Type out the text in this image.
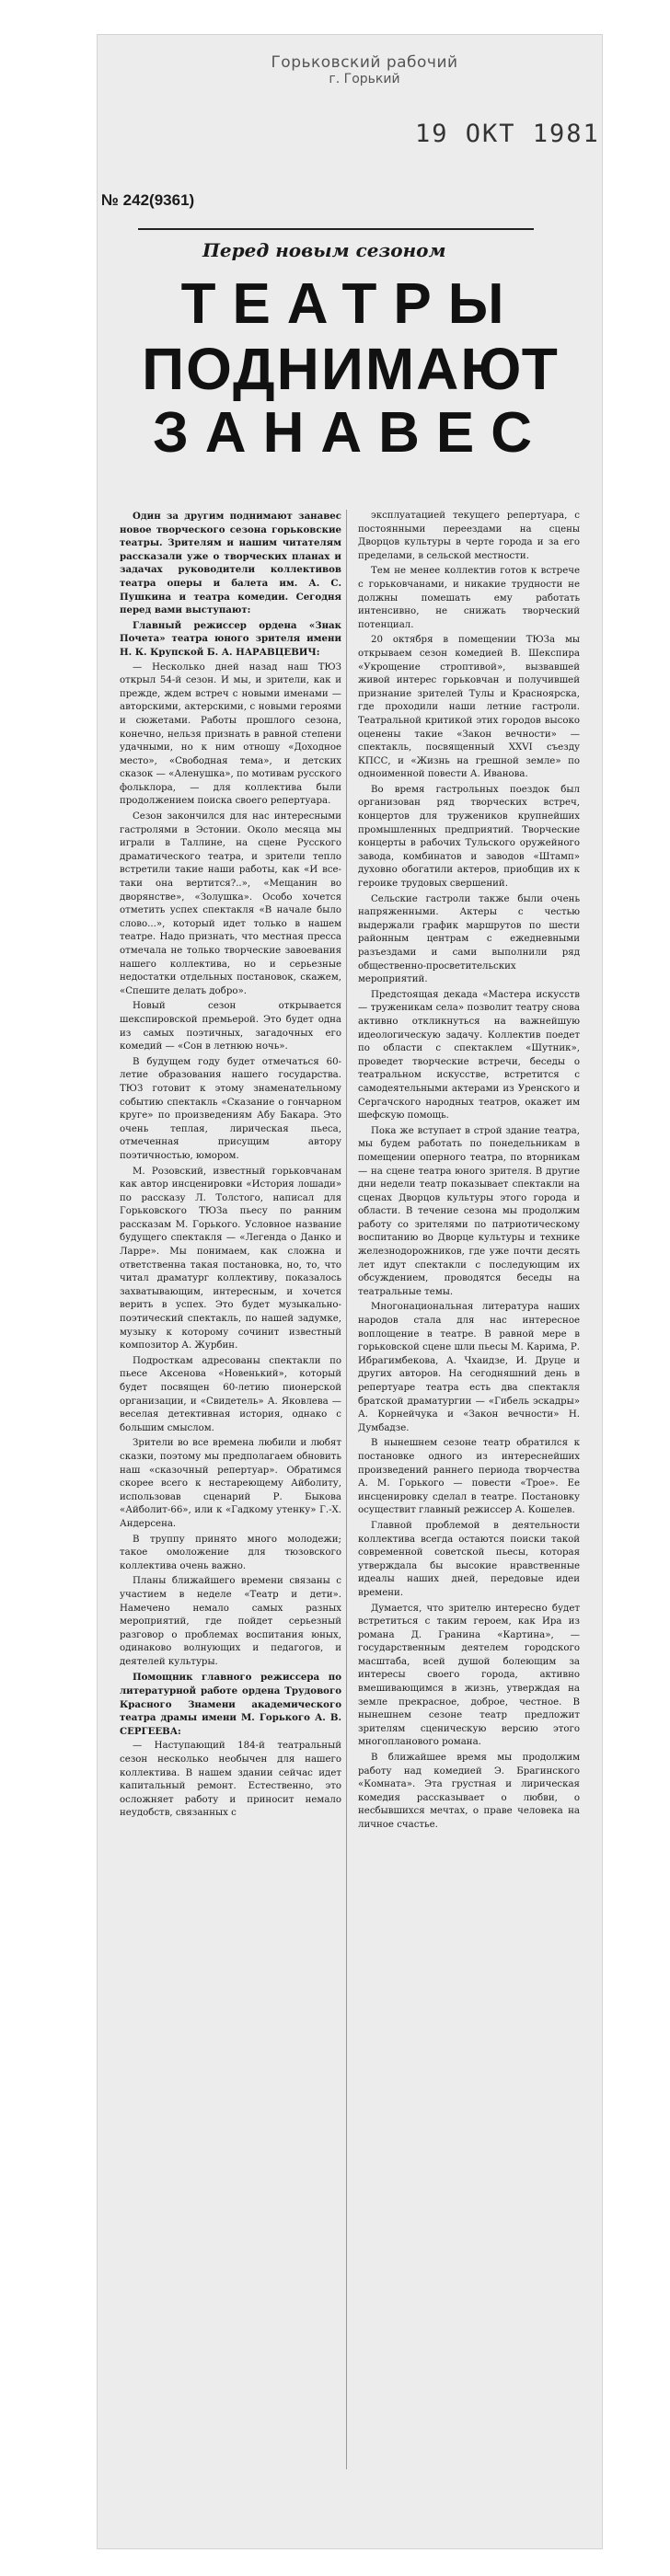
Горьковский рабочий
г. Горький
19 ОКТ 1981
№ 242(9361)
Перед новым сезоном
ТЕАТРЫ
ПОДНИМАЮТ
ЗАНАВЕС

Один за другим поднимают занавес новое творческого сезона горьковские театры. Зрителям и нашим читателям рассказали уже о творческих планах и задачах руководители коллективов театра оперы и балета им. А. С. Пушкина и театра комедии. Сегодня перед вами выступают:

Главный режиссер ордена «Знак Почета» театра юного зрителя имени Н. К. Крупской Б. А. НАРАВЦЕВИЧ:

— Несколько дней назад наш ТЮЗ открыл 54-й сезон. И мы, и зрители, как и прежде, ждем встреч с новыми именами — авторскими, актерскими, с новыми героями и сюжетами. Работы прошлого сезона, конечно, нельзя признать в равной степени удачными, но к ним отношу «Доходное место», «Свободная тема», и детских сказок — «Аленушка», по мотивам русского фольклора, — для коллектива были продолжением поиска своего репертуара.

Сезон закончился для нас интересными гастролями в Эстонии. Около месяца мы играли в Таллине, на сцене Русского драматического театра, и зрители тепло встретили такие наши работы, как «И все-таки она вертится?..», «Мещанин во дворянстве», «Золушка». Особо хочется отметить успех спектакля «В начале было слово...», который идет только в нашем театре. Надо признать, что местная пресса отмечала не только творческие завоевания нашего коллектива, но и серьезные недостатки отдельных постановок, скажем, «Спешите делать добро».

Новый сезон открывается шекспировской премьерой. Это будет одна из самых поэтичных, загадочных его комедий — «Сон в летнюю ночь».

В будущем году будет отмечаться 60-летие образования нашего государства. ТЮЗ готовит к этому знаменательному событию спектакль «Сказание о гончарном круге» по произведениям Абу Бакара. Это очень теплая, лирическая пьеса, отмеченная присущим автору поэтичностью, юмором.

М. Розовский, известный горьковчанам как автор инсценировки «История лошади» по рассказу Л. Толстого, написал для Горьковского ТЮЗа пьесу по ранним рассказам М. Горького. Условное название будущего спектакля — «Легенда о Данко и Ларре». Мы понимаем, как сложна и ответственна такая постановка, но, то, что читал драматург коллективу, показалось захватывающим, интересным, и хочется верить в успех. Это будет музыкально-поэтический спектакль, по нашей задумке, музыку к которому сочинит известный композитор А. Журбин.

Подросткам адресованы спектакли по пьесе Аксенова «Новенький», который будет посвящен 60-летию пионерской организации, и «Свидетель» А. Яковлева — веселая детективная история, однако с большим смыслом.

Зрители во все времена любили и любят сказки, поэтому мы предполагаем обновить наш «сказочный репертуар». Обратимся скорее всего к нестареющему Айболиту, использовав сценарий Р. Быкова «Айболит-66», или к «Гадкому утенку» Г.-Х. Андерсена.

В труппу принято много молодежи; такое омоложение для тюзовского коллектива очень важно.

Планы ближайшего времени связаны с участием в неделе «Театр и дети». Намечено немало самых разных мероприятий, где пойдет серьезный разговор о проблемах воспитания юных, одинаково волнующих и педагогов, и деятелей культуры.

Помощник главного режиссера по литературной работе ордена Трудового Красного Знамени академического театра драмы имени М. Горького А. В. СЕРГЕЕВА:

— Наступающий 184-й театральный сезон несколько необычен для нашего коллектива. В нашем здании сейчас идет капитальный ремонт. Естественно, это осложняет работу и приносит немало неудобств, связанных с

эксплуатацией текущего репертуара, с постоянными переездами на сцены Дворцов культуры в черте города и за его пределами, в сельской местности.

Тем не менее коллектив готов к встрече с горьковчанами, и никакие трудности не должны помешать ему работать интенсивно, не снижать творческий потенциал.

20 октября в помещении ТЮЗа мы открываем сезон комедией В. Шекспира «Укрощение строптивой», вызвавшей живой интерес горьковчан и получившей признание зрителей Тулы и Красноярска, где проходили наши летние гастроли. Театральной критикой этих городов высоко оценены такие «Закон вечности» — спектакль, посвященный XXVI съезду КПСС, и «Жизнь на грешной земле» по одноименной повести А. Иванова.

Во время гастрольных поездок был организован ряд творческих встреч, концертов для тружеников крупнейших промышленных предприятий. Творческие концерты в рабочих Тульского оружейного завода, комбинатов и заводов «Штамп» духовно обогатили актеров, приобщив их к героике трудовых свершений.

Сельские гастроли также были очень напряженными. Актеры с честью выдержали график маршрутов по шести районным центрам с ежедневными разъездами и сами выполнили ряд общественно-просветительских мероприятий.

Предстоящая декада «Мастера искусств — труженикам села» позволит театру снова активно откликнуться на важнейшую идеологическую задачу. Коллектив поедет по области с спектаклем «Шутник», проведет творческие встречи, беседы о театральном искусстве, встретится с самодеятельными актерами из Уренского и Сергачского народных театров, окажет им шефскую помощь.

Пока же вступает в строй здание театра, мы будем работать по понедельникам в помещении оперного театра, по вторникам — на сцене театра юного зрителя. В другие дни недели театр показывает спектакли на сценах Дворцов культуры этого города и области. В течение сезона мы продолжим работу со зрителями по патриотическому воспитанию во Дворце культуры и технике железнодорожников, где уже почти десять лет идут спектакли с последующим их обсуждением, проводятся беседы на театральные темы.

Многонациональная литература наших народов стала для нас интересное воплощение в театре. В равной мере в горьковской сцене шли пьесы М. Карима, Р. Ибрагимбекова, А. Чхаидзе, И. Друце и других авторов. На сегодняшний день в репертуаре театра есть два спектакля братской драматургии — «Гибель эскадры» А. Корнейчука и «Закон вечности» Н. Думбадзе.

В нынешнем сезоне театр обратился к постановке одного из интереснейших произведений раннего периода творчества А. М. Горького — повести «Трое». Ее инсценировку сделал в театре. Постановку осуществит главный режиссер А. Кошелев.

Главной проблемой в деятельности коллектива всегда остаются поиски такой современной советской пьесы, которая утверждала бы высокие нравственные идеалы наших дней, передовые идеи времени.

Думается, что зрителю интересно будет встретиться с таким героем, как Ира из романа Д. Гранина «Картина», — государственным деятелем городского масштаба, всей душой болеющим за интересы своего города, активно вмешивающимся в жизнь, утверждая на земле прекрасное, доброе, честное. В нынешнем сезоне театр предложит зрителям сценическую версию этого многопланового романа.

В ближайшее время мы продолжим работу над комедией Э. Брагинского «Комната». Эта грустная и лирическая комедия рассказывает о любви, о несбывшихся мечтах, о праве человека на личное счастье.
